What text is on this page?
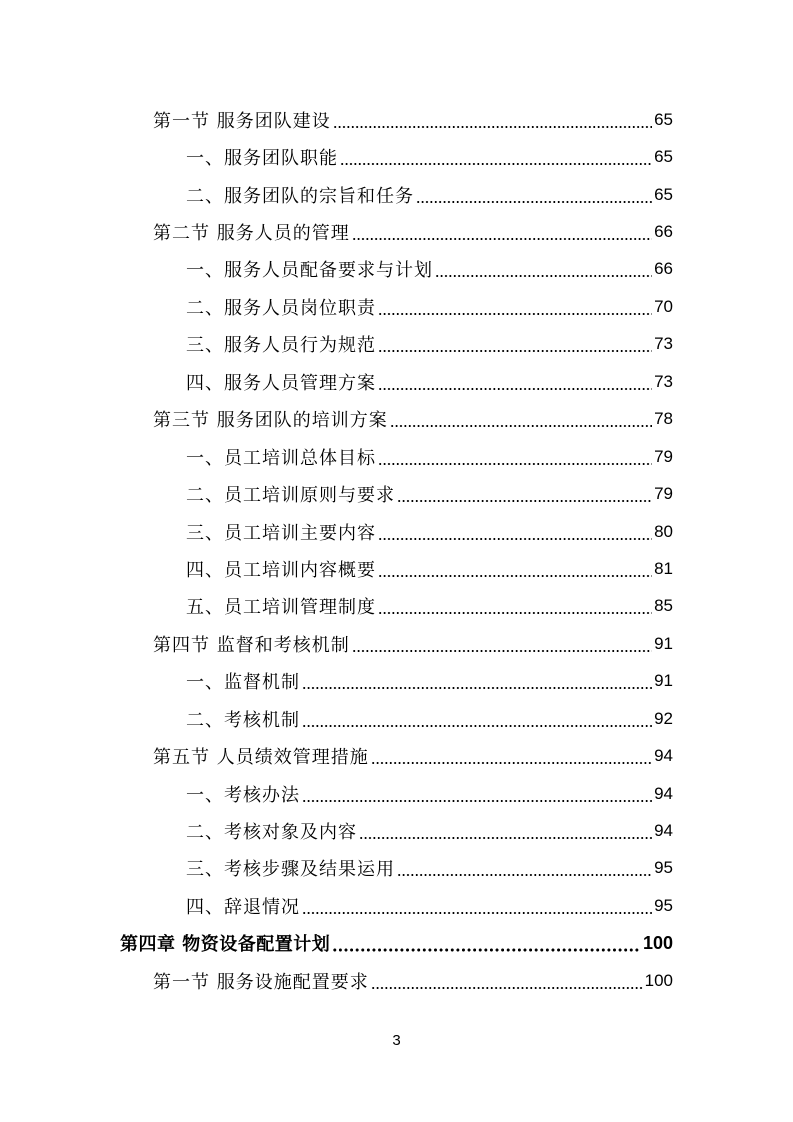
第一节 服务团队建设	65
一、服务团队职能	65
二、服务团队的宗旨和任务	65
第二节 服务人员的管理	66
一、服务人员配备要求与计划	66
二、服务人员岗位职责	70
三、服务人员行为规范	73
四、服务人员管理方案	73
第三节 服务团队的培训方案	78
一、员工培训总体目标	79
二、员工培训原则与要求	79
三、员工培训主要内容	80
四、员工培训内容概要	81
五、员工培训管理制度	85
第四节 监督和考核机制	91
一、监督机制	91
二、考核机制	92
第五节 人员绩效管理措施	94
一、考核办法	94
二、考核对象及内容	94
三、考核步骤及结果运用	95
四、辞退情况	95
第四章 物资设备配置计划	100
第一节 服务设施配置要求	100
3
